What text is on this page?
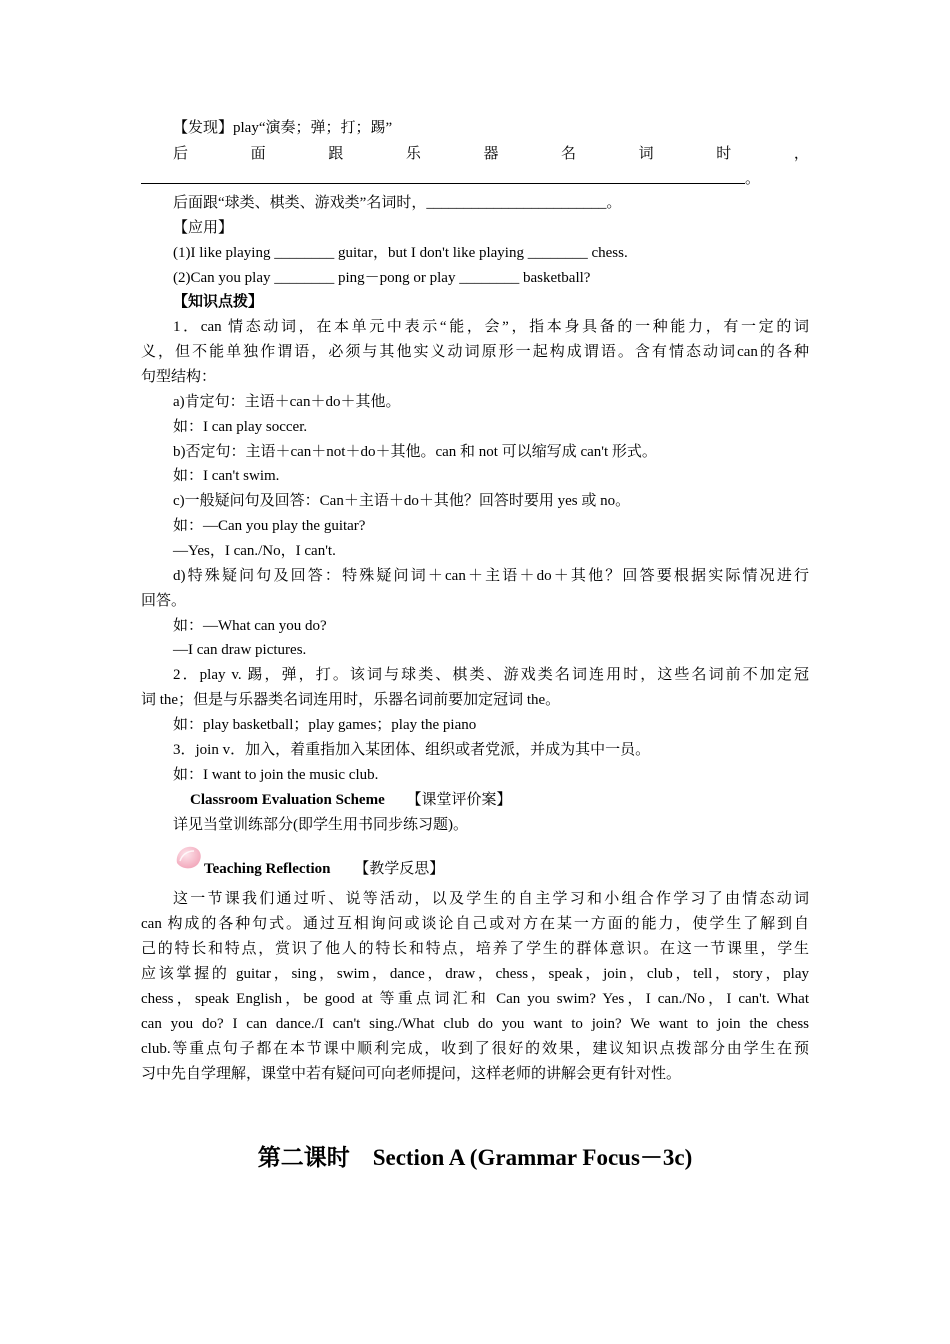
【发现】play“演奏；弹；打；踢”
后	面	跟	乐	器	名	词	时	，
。
后面跟“球类、棋类、游戏类”名词时，________________________。
【应用】
(1)I like playing ________ guitar，but I don't like playing ________ chess.
(2)Can you play ________ ping－pong or play ________ basketball?
【知识点拨】
1．can 情态动词，在本单元中表示“能，会”，指本身具备的一种能力，有一定的词
义，但不能单独作谓语，必须与其他实义动词原形一起构成谓语。含有情态动词can的各种
句型结构：
a)肯定句：主语＋can＋do＋其他。
如：I can play soccer.
b)否定句：主语＋can＋not＋do＋其他。can 和 not 可以缩写成 can't 形式。
如：I can't swim.
c)一般疑问句及回答：Can＋主语＋do＋其他？回答时要用 yes 或 no。
如：—Can you play the guitar?
—Yes，I can./No，I can't.
d)特殊疑问句及回答：特殊疑问词＋can＋主语＋do＋其他？回答要根据实际情况进行
回答。
如：—What can you do?
—I can draw pictures.
2．play v. 踢，弹，打。该词与球类、棋类、游戏类名词连用时，这些名词前不加定冠
词 the；但是与乐器类名词连用时，乐器名词前要加定冠词 the。
如：play basketball；play games；play the piano
3．join v．加入，着重指加入某团体、组织或者党派，并成为其中一员。
如：I want to join the music club.
Classroom Evaluation Scheme 【课堂评价案】
详见当堂训练部分(即学生用书同步练习题)。
Teaching Reflection 【教学反思】
这一节课我们通过听、说等活动，以及学生的自主学习和小组合作学习了由情态动词
can 构成的各种句式。通过互相询问或谈论自己或对方在某一方面的能力，使学生了解到自
己的特长和特点，赏识了他人的特长和特点，培养了学生的群体意识。在这一节课里，学生
应该掌握的 guitar，sing，swim，dance，draw，chess，speak，join，club，tell，story，play
chess，speak English，be good at 等重点词汇和 Can you swim? Yes，I can./No，I can't. What
can you do? I can dance./I can't sing./What club do you want to join? We want to join the chess
club.等重点句子都在本节课中顺利完成，收到了很好的效果，建议知识点拨部分由学生在预
习中先自学理解，课堂中若有疑问可向老师提问，这样老师的讲解会更有针对性。
第二课时　Section A (Grammar Focus－3c)
